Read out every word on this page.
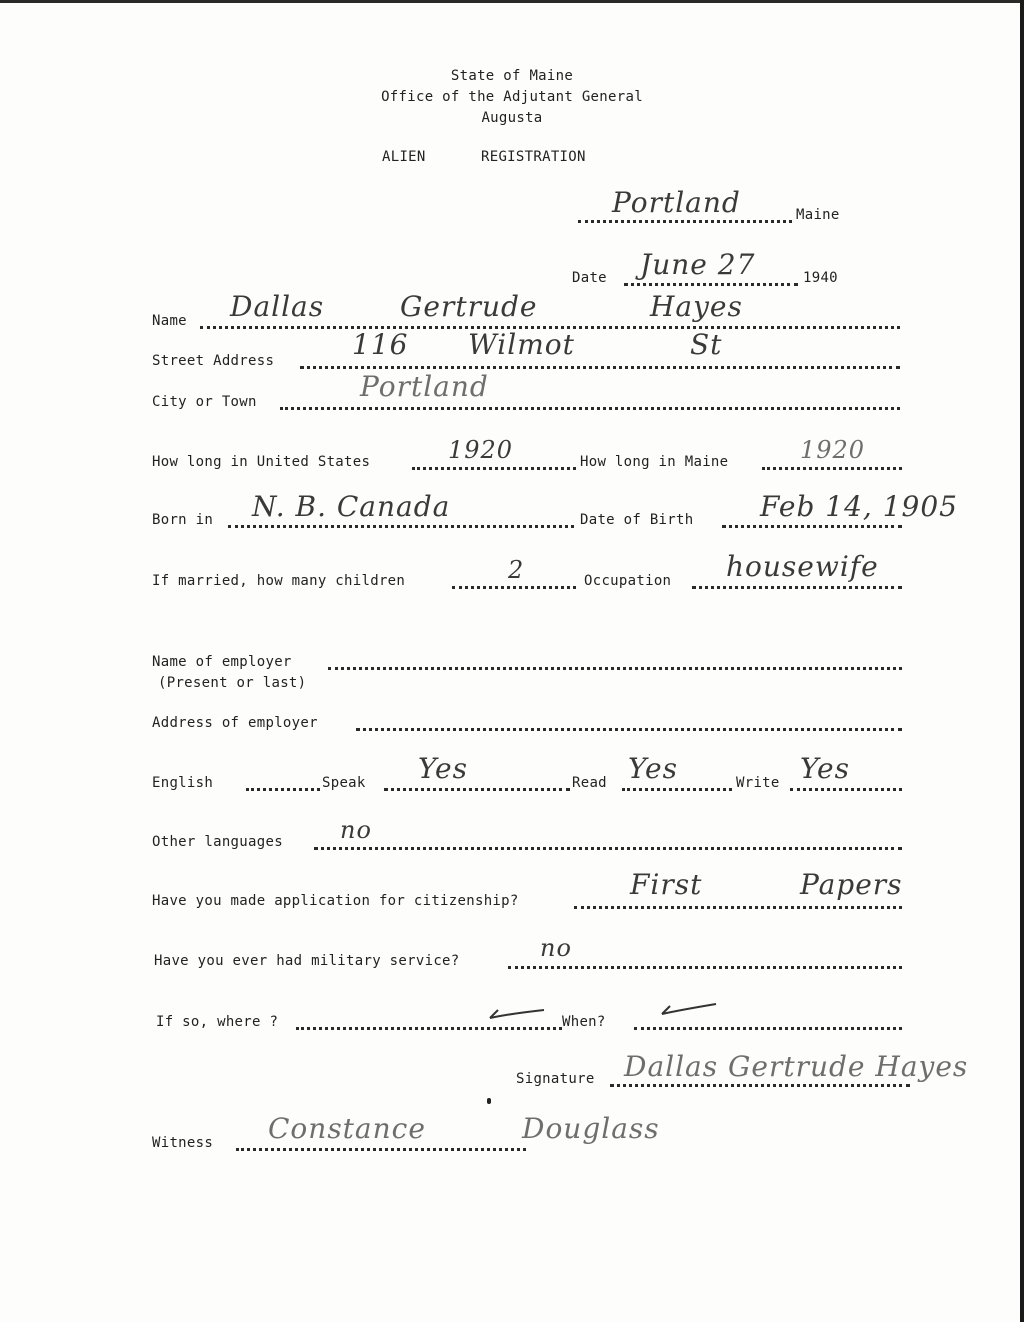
State of Maine
Office of the Adjutant General
Augusta
ALIEN	REGISTRATION
Portland	Maine
Date June 27	1940
Name Dallas	Gertrude	Hayes
Street Address	116 Wilmot	St
City or Town	Portland
How long in United States	1920	How long in Maine	1920
Born in N. B. Canada	Date of Birth Feb 14, 1905
If married, how many children	2	Occupation housewife
Name of employer
(Present or last)
Address of employer
English	Speak Yes	Read Yes	Write Yes
Other languages no
Have you made application for citizenship?	First	Papers
Have you ever had military service?	no
If so, where ?	When?
Signature Dallas Gertrude Hayes
Witness Constance	Douglass
